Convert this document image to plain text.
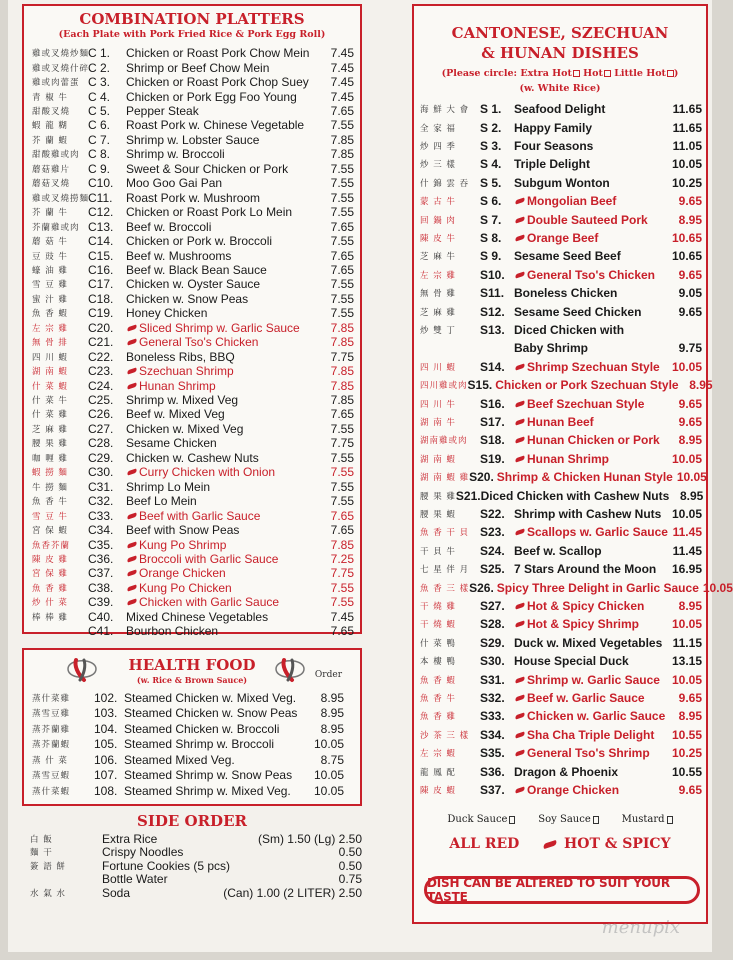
COMBINATION PLATTERS
(Each Plate with Pork Fried Rice & Pork Egg Roll)
雞或叉燒炒麵
C 1.	Chicken or Roast Pork Chow Mein	7.45
雞或叉燒什碎
C 2.	Shrimp or Beef Chow Mein	7.45
雞或肉蕾蛋 C 3.	Chicken or Roast Pork Chop Suey	7.45
青 椒 牛	C 4.	Chicken or Pork Egg Foo Young	7.45
甜酸叉燒	C 5.	Pepper Steak	7.65
蝦 龍 糊	C 6.	Roast Pork w. Chinese Vegetable	7.55
芥 蘭 蝦	C 7.	Shrimp w. Lobster Sauce	7.85
甜酸雞或肉 C 8.	Shrimp w. Broccoli	7.85
蘑菇雞片	C 9.	Sweet & Sour Chicken or Pork	7.55
蘑菇叉燒	C10.	Moo Goo Gai Pan	7.55
雞或叉燒撈麵
C11.	Roast Pork w. Mushroom	7.55
芥 蘭 牛	C12.	Chicken or Roast Pork Lo Mein	7.55
芥蘭雞或肉 C13.	Beef w. Broccoli	7.65
蘑 菇 牛	C14.	Chicken or Pork w. Broccoli	7.55
豆 豉 牛	C15.	Beef w. Mushrooms	7.65
蠔 油 雞	C16.	Beef w. Black Bean Sauce	7.65
雪 豆 雞	C17.	Chicken w. Oyster Sauce	7.55
蜜 汁 雞	C18.	Chicken w. Snow Peas	7.55
魚 香 蝦	C19.	Honey Chicken	7.55
左 宗 雞	C20.	Sliced Shrimp w. Garlic Sauce	7.85
無 骨 排	C21.	General Tso's Chicken	7.85
四 川 蝦	C22.	Boneless Ribs, BBQ	7.75
湖 南 蝦	C23.	Szechuan Shrimp	7.85
什 菜 蝦	C24.	Hunan Shrimp	7.85
什 菜 牛	C25.	Shrimp w. Mixed Veg	7.85
什 菜 雞	C26.	Beef w. Mixed Veg	7.65
芝 麻 雞	C27.	Chicken w. Mixed Veg	7.55
腰 果 雞	C28.	Sesame Chicken	7.75
咖 喱 雞	C29.	Chicken w. Cashew Nuts	7.55
蝦 撈 麵	C30.	Curry Chicken with Onion	7.55
牛 撈 麵	C31.	Shrimp Lo Mein	7.55
魚 香 牛	C32.	Beef Lo Mein	7.55
雪 豆 牛	C33.	Beef with Garlic Sauce	7.65
宮 保 蝦	C34.	Beef with Snow Peas	7.65
魚香芥蘭	C35.	Kung Po Shrimp	7.85
陳 皮 雞	C36.	Broccoli with Garlic Sauce	7.25
宮 保 雞	C37.	Orange Chicken	7.75
魚 香 雞	C38.	Kung Po Chicken	7.55
炒 什 菜	C39.	Chicken with Garlic Sauce	7.55
棒 棒 雞	C40.	Mixed Chinese Vegetables	7.45
C41.	Bourbon Chicken	7.65
HEALTH FOOD
(w. Rice & Brown Sauce)	Order
蒸什菜雞	102. Steamed Chicken w. Mixed Veg.	8.95
蒸雪豆雞	103. Steamed Chicken w. Snow Peas	8.95
蒸芥蘭雞	104. Steamed Chicken w. Broccoli	8.95
蒸芥蘭蝦	105. Steamed Shrimp w. Broccoli	10.05
蒸 什 菜	106. Steamed Mixed Veg.	8.75
蒸雪豆蝦	107. Steamed Shrimp w. Snow Peas	10.05
蒸什菜蝦	108. Steamed Shrimp w. Mixed Veg.	10.05
SIDE ORDER
白 飯	Extra Rice	(Sm) 1.50 (Lg) 2.50
麵 干	Crispy Noodles	0.50
簽 語 餅	Fortune Cookies (5 pcs)	0.50
Bottle Water	0.75
水 氣 水	Soda	(Can) 1.00 (2 LITER) 2.50
CANTONESE, SZECHUAN
& HUNAN DISHES
(Please circle: Extra Hot Hot Little Hot )
(w. White Rice)
海 鮮 大 會 S 1.	Seafood Delight	11.65
全 家 福	S 2.	Happy Family	11.65
炒 四 季	S 3.	Four Seasons	11.05
炒 三 樣	S 4.	Triple Delight	10.05
什 錦 雲 吞 S 5.	Subgum Wonton	10.25
蒙 古 牛	S 6.	Mongolian Beef	9.65
回 鍋 肉	S 7.	Double Sauteed Pork	8.95
陳 皮 牛	S 8.	Orange Beef	10.65
芝 麻 牛	S 9.	Sesame Seed Beef	10.65
左 宗 雞	S10.	General Tso's Chicken	9.65
無 骨 雞	S11. Boneless Chicken	9.05
芝 麻 雞	S12. Sesame Seed Chicken	9.65
炒 雙 丁	S13. Diced Chicken with
Baby Shrimp	9.75
四 川 蝦	S14.	Shrimp Szechuan Style	10.05
四川雞或肉 S15. Chicken or Pork Szechuan Style 8.95
四 川 牛	S16.	Beef Szechuan Style	9.65
湖 南 牛	S17.	Hunan Beef	9.65
湖南雞或肉	S18.	Hunan Chicken or Pork	8.95
湖 南 蝦	S19.	Hunan Shrimp	10.05
湖 南 蝦 雞 S20. Shrimp & Chicken Hunan Style 10.05
腰 果 雞 S21. Diced Chicken with Cashew Nuts 8.95
腰 果 蝦	S22. Shrimp with Cashew Nuts 10.05
魚 香 干 貝 S23.	Scallops w. Garlic Sauce 11.45
干 貝 牛	S24. Beef w. Scallop	11.45
七 星 伴 月 S25. 7 Stars Around the Moon	16.95
魚 香 三 樣 S26. Spicy Three Delight in Garlic Sauce 10.05
干 燒 雞	S27.	Hot & Spicy Chicken	8.95
干 燒 蝦	S28.	Hot & Spicy Shrimp	10.05
什 菜 鴨	S29. Duck w. Mixed Vegetables 11.15
本 樓 鴨	S30. House Special Duck	13.15
魚 香 蝦	S31.	Shrimp w. Garlic Sauce	10.05
魚 香 牛	S32.	Beef w. Garlic Sauce	9.65
魚 香 雞	S33.	Chicken w. Garlic Sauce	8.95
沙 茶 三 樣 S34.	Sha Cha Triple Delight	10.55
左 宗 蝦	S35.	General Tso's Shrimp	10.25
龍 鳳 配	S36. Dragon & Phoenix	10.55
陳 皮 蝦	S37.	Orange Chicken	9.65
Duck Sauce	Soy Sauce	Mustard
ALL RED	HOT & SPICY
DISH CAN BE ALTERED TO SUIT YOUR TASTE
menupix
